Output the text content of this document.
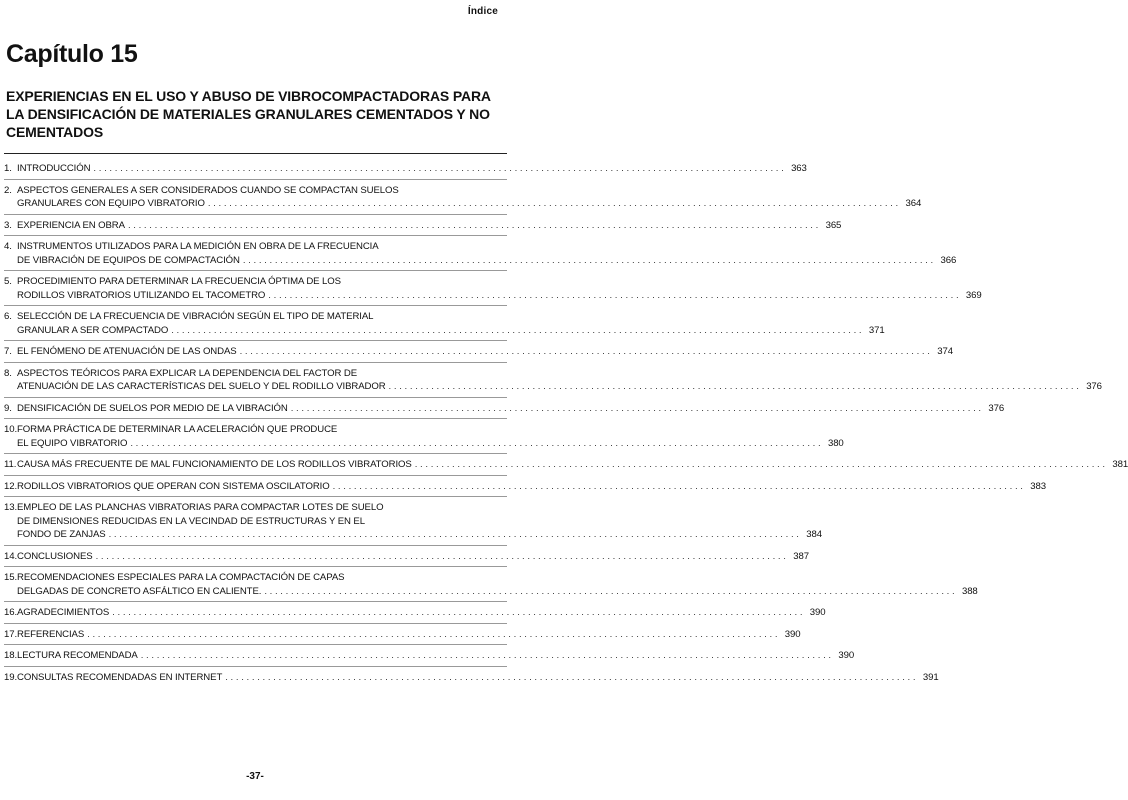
Índice
Capítulo 15
EXPERIENCIAS EN EL USO Y ABUSO DE VIBROCOMPACTADORAS PARA LA DENSIFICACIÓN DE MATERIALES GRANULARES CEMENTADOS Y NO CEMENTADOS
1. INTRODUCCIÓN . . .	363
2. ASPECTOS GENERALES A SER CONSIDERADOS CUANDO SE COMPACTAN SUELOS
GRANULARES CON EQUIPO VIBRATORIO . . .	364
3. EXPERIENCIA EN OBRA . . .	365
4. INSTRUMENTOS UTILIZADOS PARA LA MEDICIÓN EN OBRA DE LA FRECUENCIA
DE VIBRACIÓN DE EQUIPOS DE COMPACTACIÓN . . .	366
5. PROCEDIMIENTO PARA DETERMINAR LA FRECUENCIA ÓPTIMA DE LOS
RODILLOS VIBRATORIOS UTILIZANDO EL TACOMETRO . . .	369
6. SELECCIÓN DE LA FRECUENCIA DE VIBRACIÓN SEGÚN EL TIPO DE MATERIAL
GRANULAR A SER COMPACTADO . . .	371
7. EL FENÓMENO DE ATENUACIÓN DE LAS ONDAS . . .	374
8. ASPECTOS TEÓRICOS PARA EXPLICAR LA DEPENDENCIA DEL FACTOR DE
ATENUACIÓN DE LAS CARACTERÍSTICAS DEL SUELO Y DEL RODILLO VIBRADOR . . .	376
9. DENSIFICACIÓN DE SUELOS POR MEDIO DE LA VIBRACIÓN . . .	376
10. FORMA PRÁCTICA DE DETERMINAR LA ACELERACIÓN QUE PRODUCE
EL EQUIPO VIBRATORIO . . .	380
11. CAUSA MÁS FRECUENTE DE MAL FUNCIONAMIENTO DE LOS RODILLOS VIBRATORIOS . . .	381
12. RODILLOS VIBRATORIOS QUE OPERAN CON SISTEMA OSCILATORIO . . .	383
13. EMPLEO DE LAS PLANCHAS VIBRATORIAS PARA COMPACTAR LOTES DE SUELO
DE DIMENSIONES REDUCIDAS EN LA VECINDAD DE ESTRUCTURAS Y EN EL
FONDO DE ZANJAS . . .	384
14. CONCLUSIONES . . .	387
15. RECOMENDACIONES ESPECIALES PARA LA COMPACTACIÓN DE CAPAS
DELGADAS DE CONCRETO ASFÁLTICO EN CALIENTE. . . .	388
16. AGRADECIMIENTOS . . .	390
17. REFERENCIAS . . .	390
18. LECTURA RECOMENDADA . . .	390
19. CONSULTAS RECOMENDADAS EN INTERNET . . .	391
-37-
